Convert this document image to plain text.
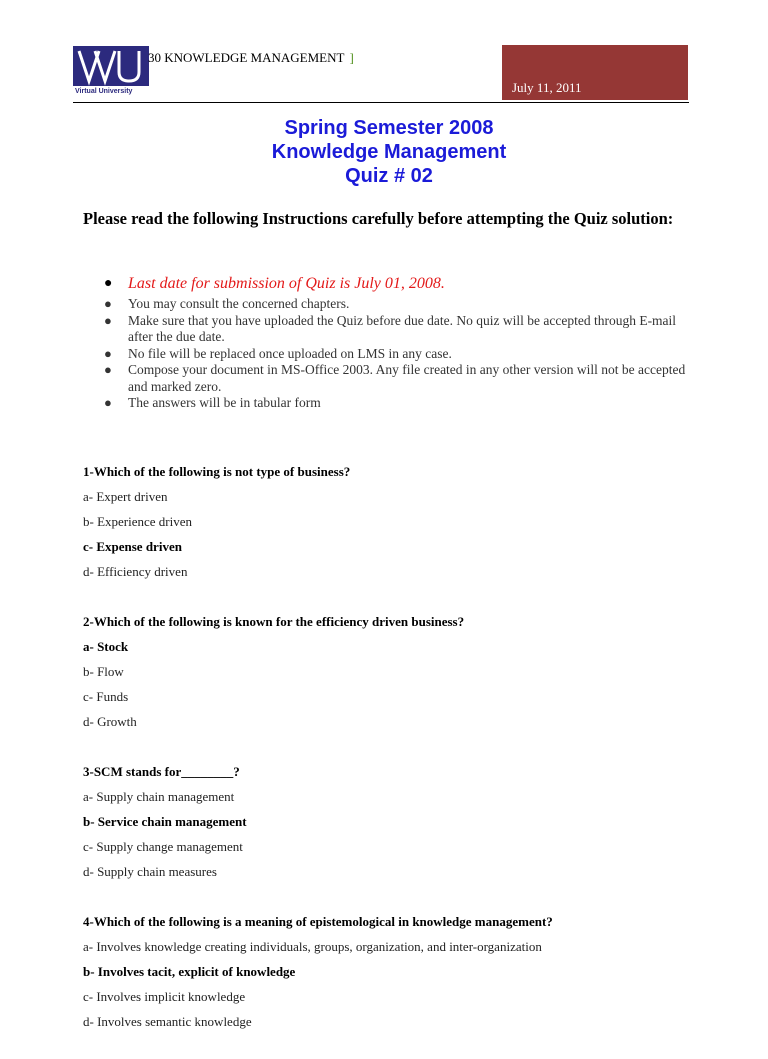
Virtual University
30 KNOWLEDGE MANAGEMENT ]
July 11, 2011
Spring Semester 2008
Knowledge Management
Quiz # 02
Please read the following Instructions carefully before attempting the Quiz solution:
● Last date for submission of Quiz is July 01, 2008.
● You may consult the concerned chapters.
● Make sure that you have uploaded the Quiz before due date. No quiz will be accepted through E-mail after the due date.
● No file will be replaced once uploaded on LMS in any case.
● Compose your document in MS-Office 2003. Any file created in any other version will not be accepted and marked zero.
● The answers will be in tabular form
1-Which of the following is not type of business?
a- Expert driven
b- Experience driven
c- Expense driven
d- Efficiency driven
2-Which of the following is known for the efficiency driven business?
a- Stock
b- Flow
c- Funds
d- Growth
3-SCM stands for________?
a- Supply chain management
b- Service chain management
c- Supply change management
d- Supply chain measures
4-Which of the following is a meaning of epistemological in knowledge management?
a- Involves knowledge creating individuals, groups, organization, and inter-organization
b- Involves tacit, explicit of knowledge
c- Involves implicit knowledge
d- Involves semantic knowledge
